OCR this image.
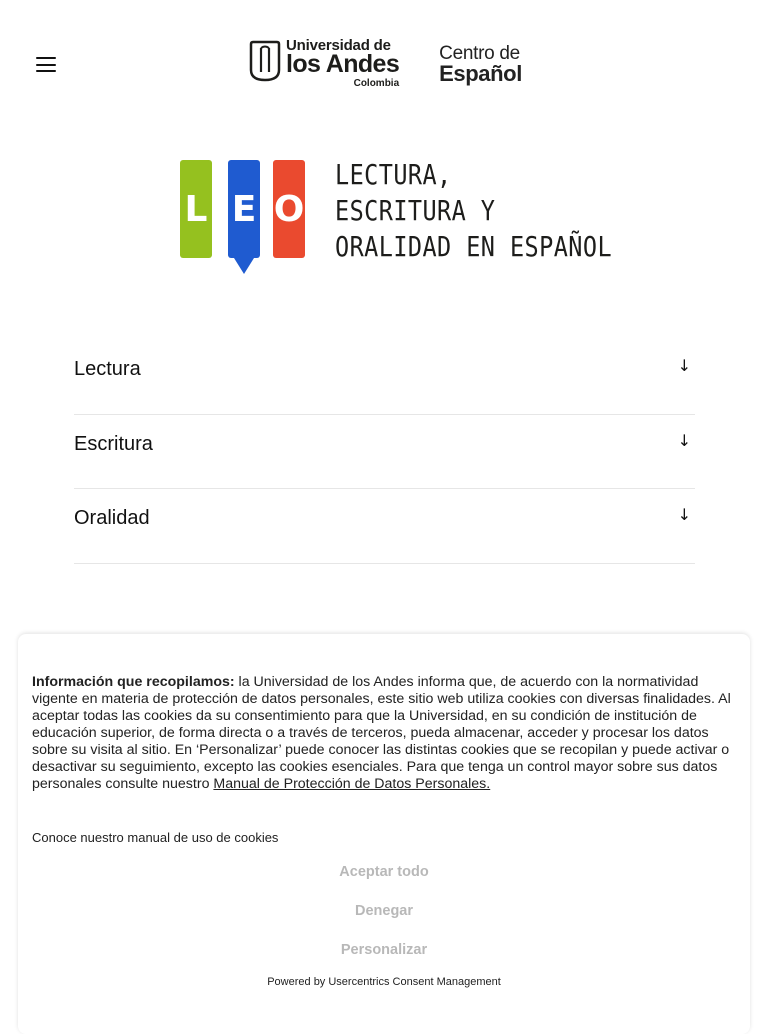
Universidad de
los Andes
Colombia
Centro de
Español
L E O
LECTURA,
ESCRITURA Y
ORALIDAD EN ESPAÑOL
Lectura	↓
Escritura	↓
Oralidad	↓
Información que recopilamos: la Universidad de los Andes informa que, de acuerdo con la normatividad vigente en materia de protección de datos personales, este sitio web utiliza cookies con diversas finalidades. Al aceptar todas las cookies da su consentimiento para que la Universidad, en su condición de institución de educación superior, de forma directa o a través de terceros, pueda almacenar, acceder y procesar los datos sobre su visita al sitio. En ‘Personalizar’ puede conocer las distintas cookies que se recopilan y puede activar o desactivar su seguimiento, excepto las cookies esenciales. Para que tenga un control mayor sobre sus datos personales consulte nuestro Manual de Protección de Datos Personales.
Conoce nuestro manual de uso de cookies
Aceptar todo
Denegar
Personalizar
Powered by Usercentrics Consent Management
